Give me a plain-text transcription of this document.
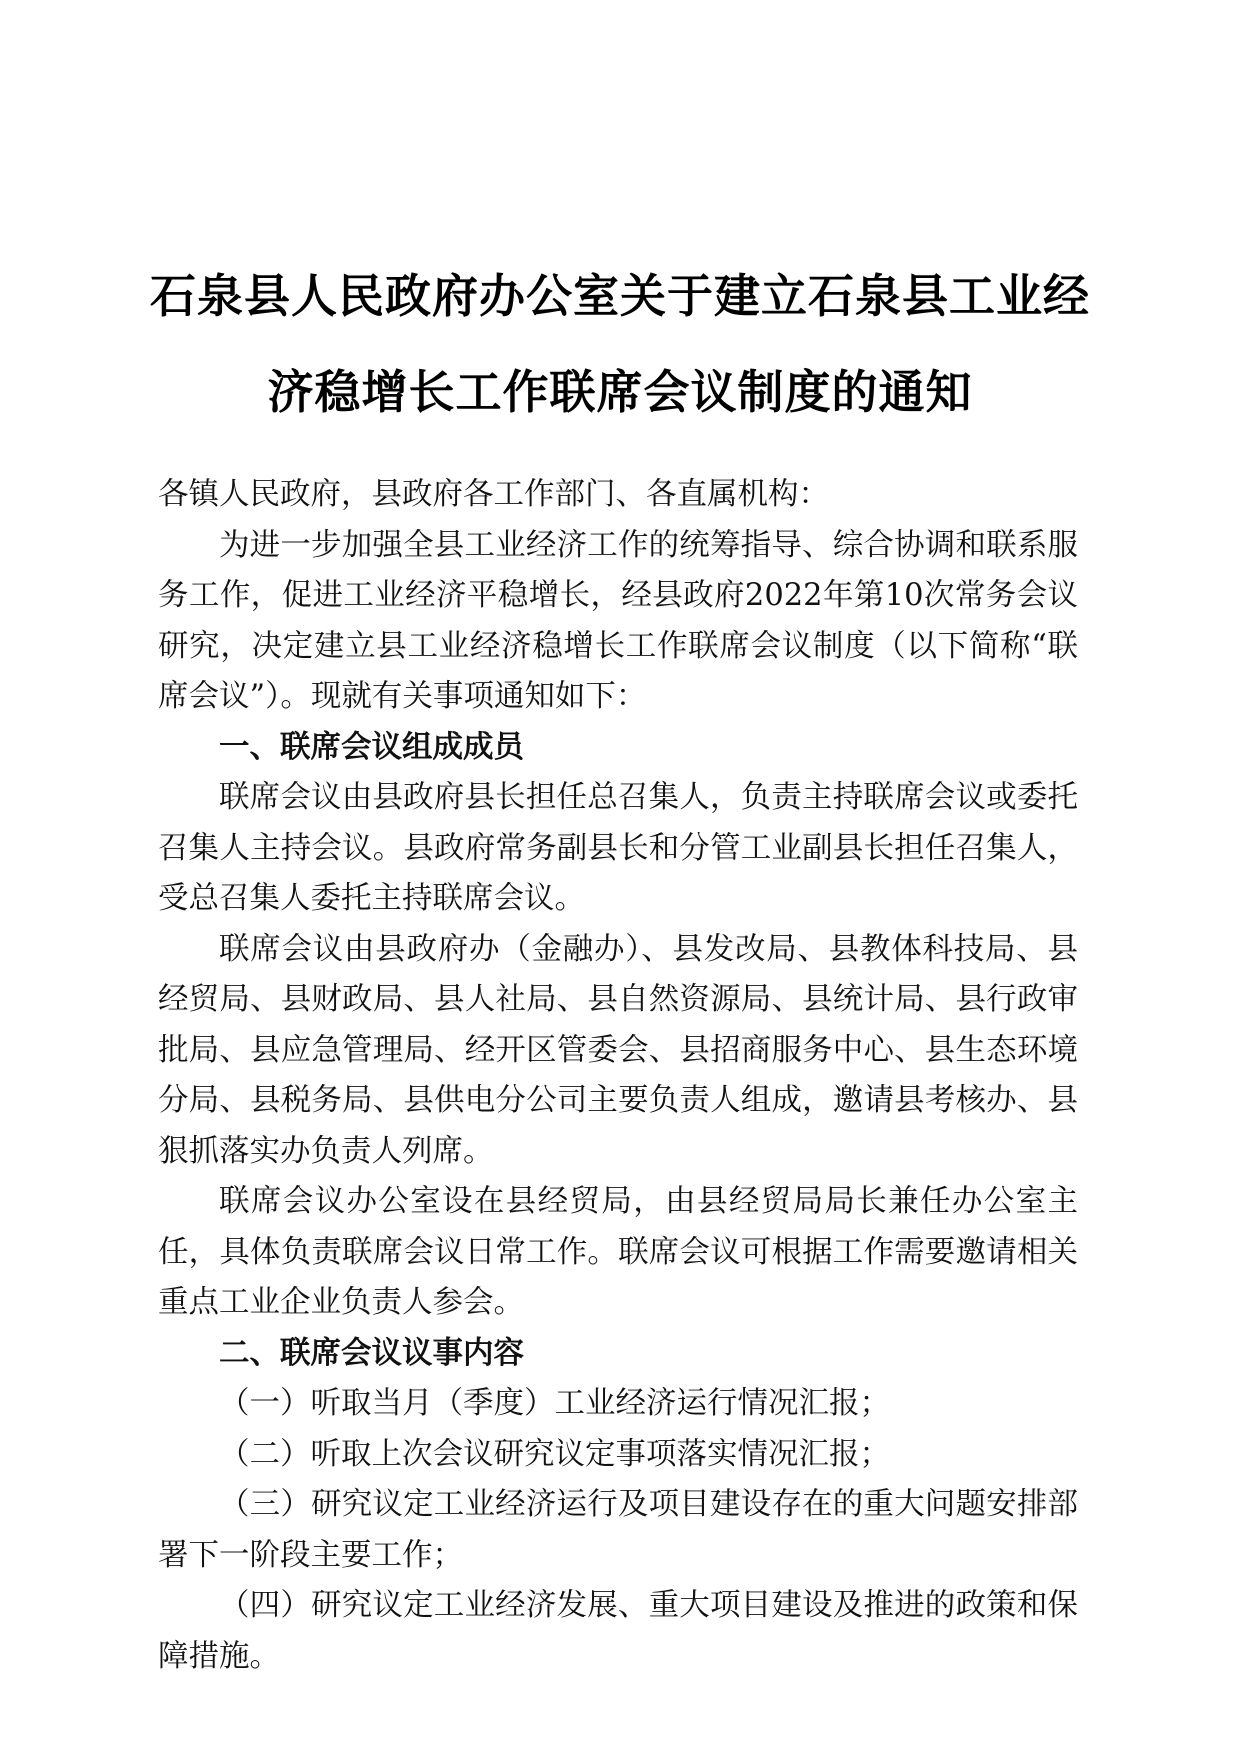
石泉县人民政府办公室关于建立石泉县工业经
济稳增长工作联席会议制度的通知

各镇人民政府，县政府各工作部门、各直属机构：

为进一步加强全县工业经济工作的统筹指导、综合协调和联系服务工作，促进工业经济平稳增长，经县政府2022年第10次常务会议研究，决定建立县工业经济稳增长工作联席会议制度（以下简称“联席会议”）。现就有关事项通知如下：

一、联席会议组成成员

联席会议由县政府县长担任总召集人，负责主持联席会议或委托召集人主持会议。县政府常务副县长和分管工业副县长担任召集人，受总召集人委托主持联席会议。

联席会议由县政府办（金融办）、县发改局、县教体科技局、县经贸局、县财政局、县人社局、县自然资源局、县统计局、县行政审批局、县应急管理局、经开区管委会、县招商服务中心、县生态环境分局、县税务局、县供电分公司主要负责人组成，邀请县考核办、县狠抓落实办负责人列席。

联席会议办公室设在县经贸局，由县经贸局局长兼任办公室主任，具体负责联席会议日常工作。联席会议可根据工作需要邀请相关重点工业企业负责人参会。

二、联席会议议事内容

（一）听取当月（季度）工业经济运行情况汇报；

（二）听取上次会议研究议定事项落实情况汇报；

（三）研究议定工业经济运行及项目建设存在的重大问题安排部署下一阶段主要工作；

（四）研究议定工业经济发展、重大项目建设及推进的政策和保障措施。
